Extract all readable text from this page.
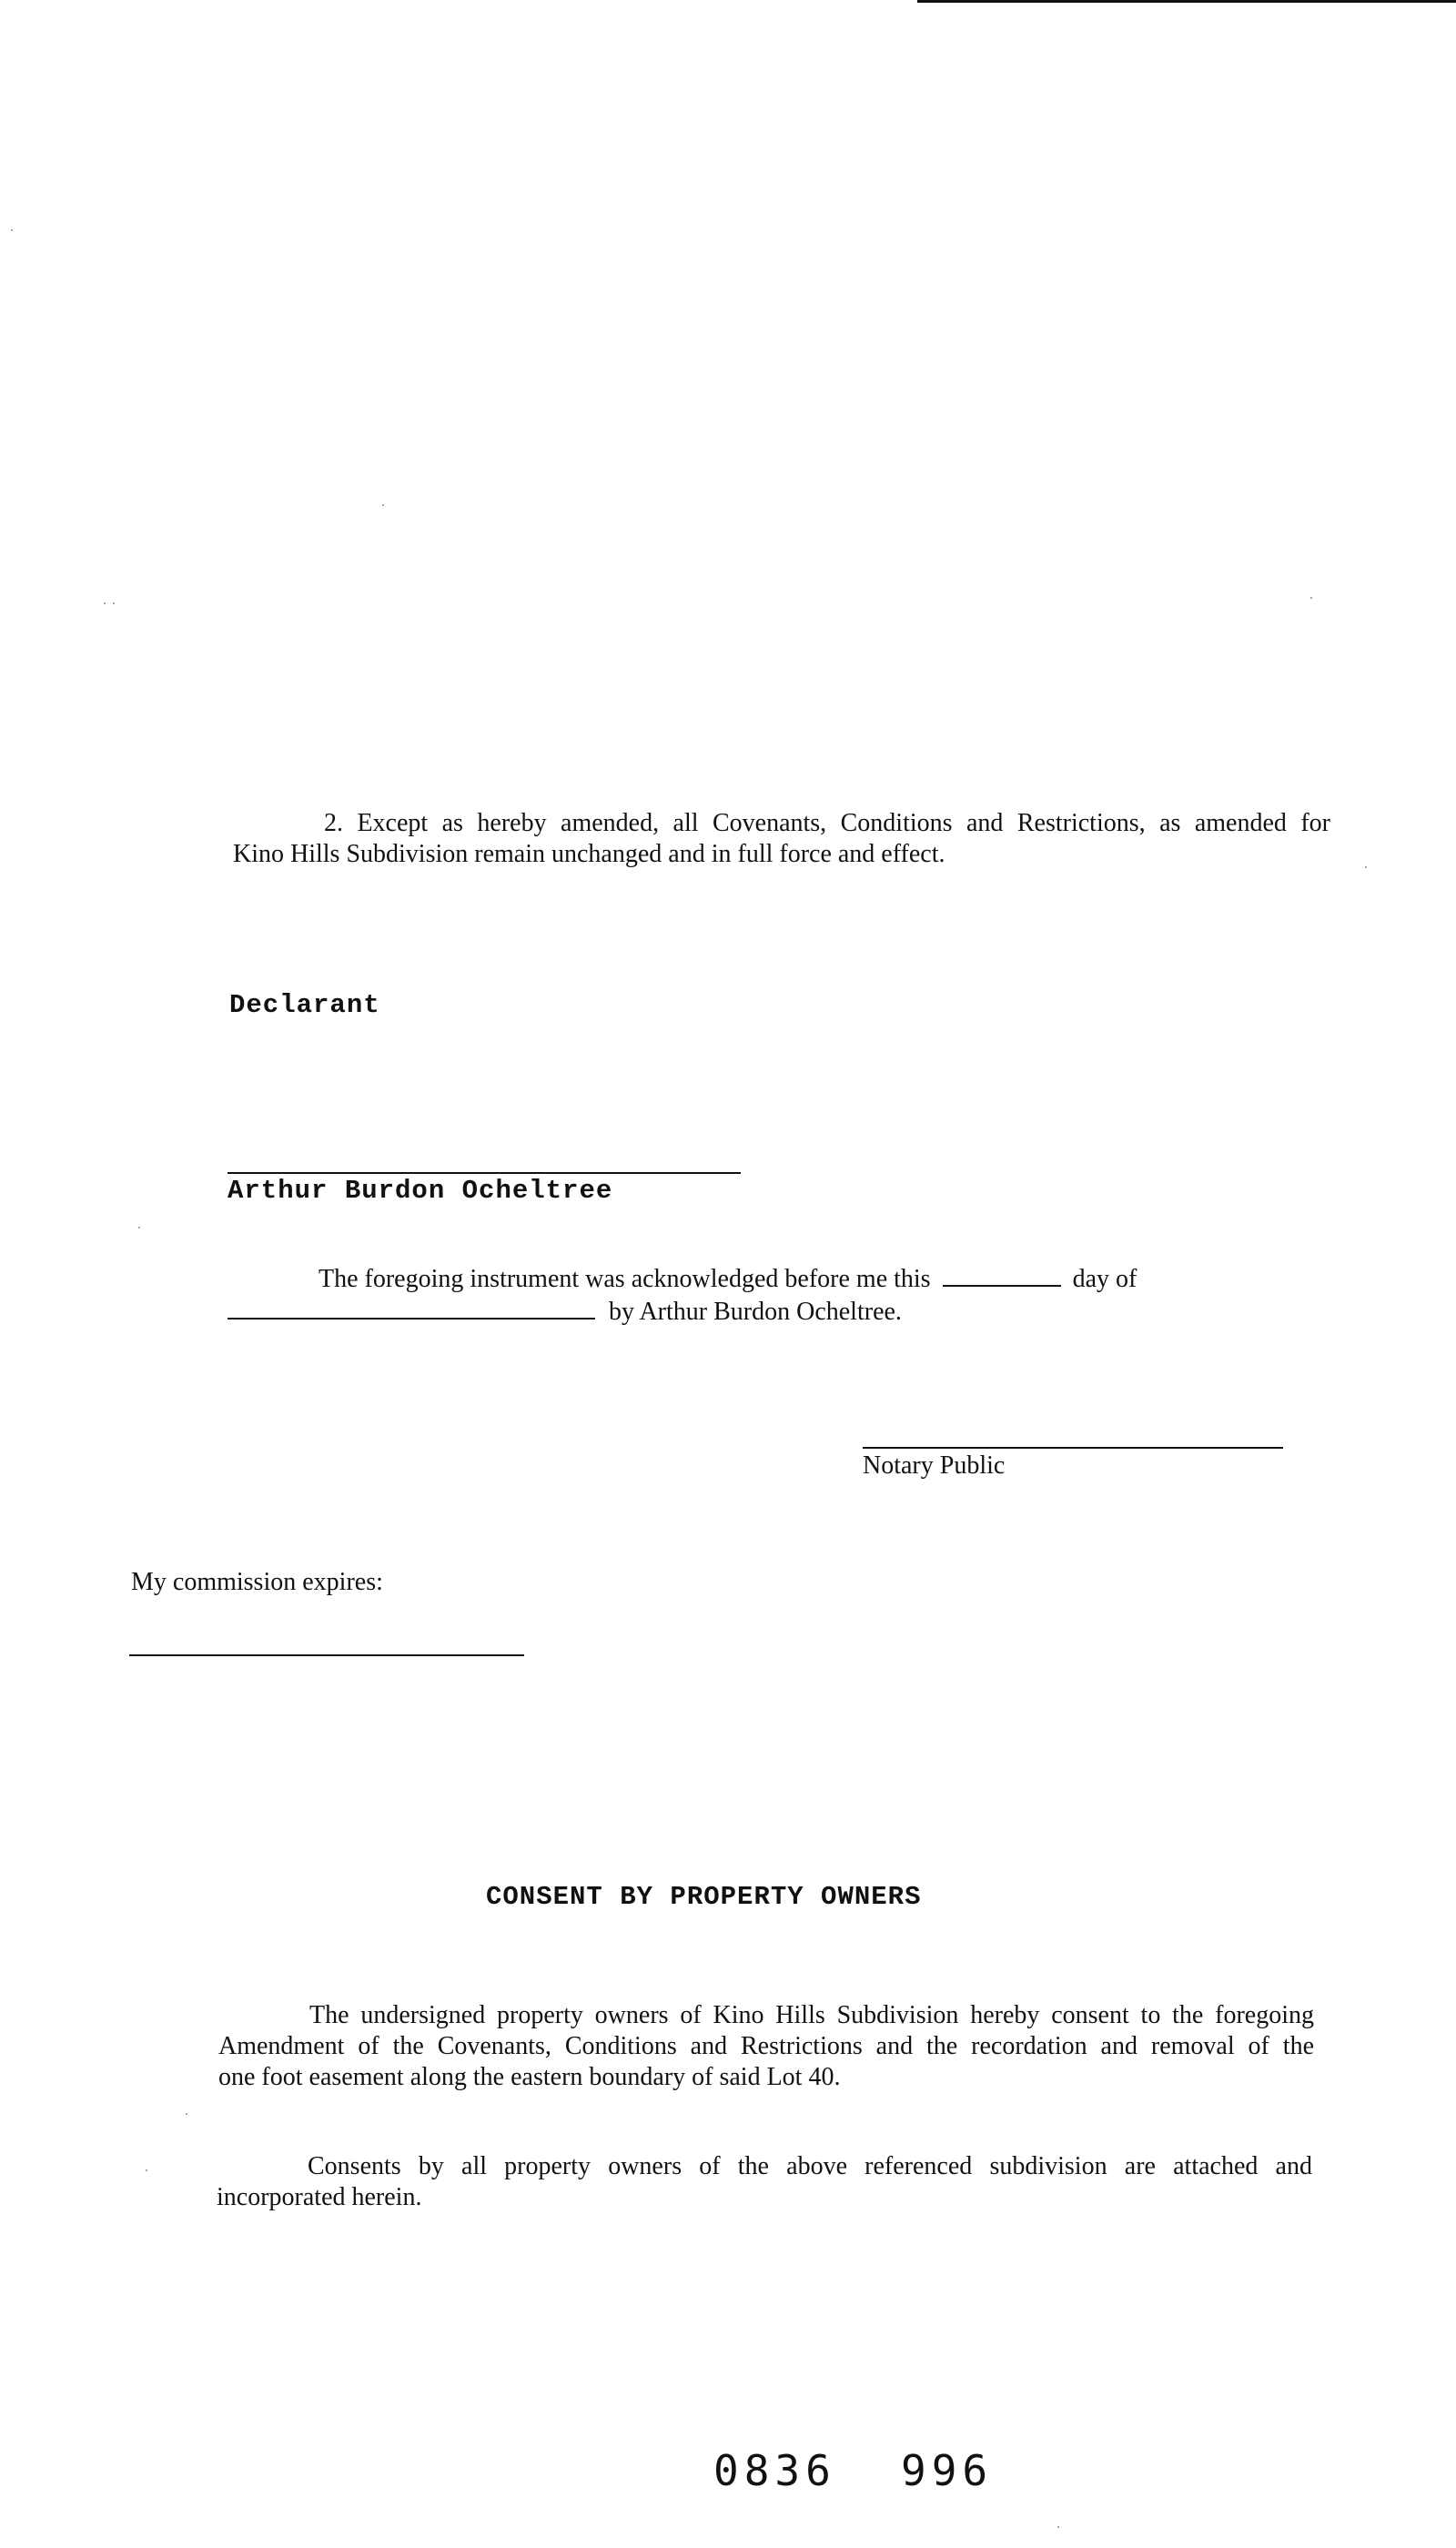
2. Except as hereby amended, all Covenants, Conditions and Restrictions, as amended for
Kino Hills Subdivision remain unchanged and in full force and effect.
Declarant
Arthur Burdon Ocheltree
The foregoing instrument was acknowledged before me this	day of
by Arthur Burdon Ocheltree.
Notary Public
My commission expires:
CONSENT BY PROPERTY OWNERS
The undersigned property owners of Kino Hills Subdivision hereby consent to the foregoing
Amendment of the Covenants, Conditions and Restrictions and the recordation and removal of the
one foot easement along the eastern boundary of said Lot 40.
Consents by all property owners of the above referenced subdivision are attached and
incorporated herein.
0836 996
